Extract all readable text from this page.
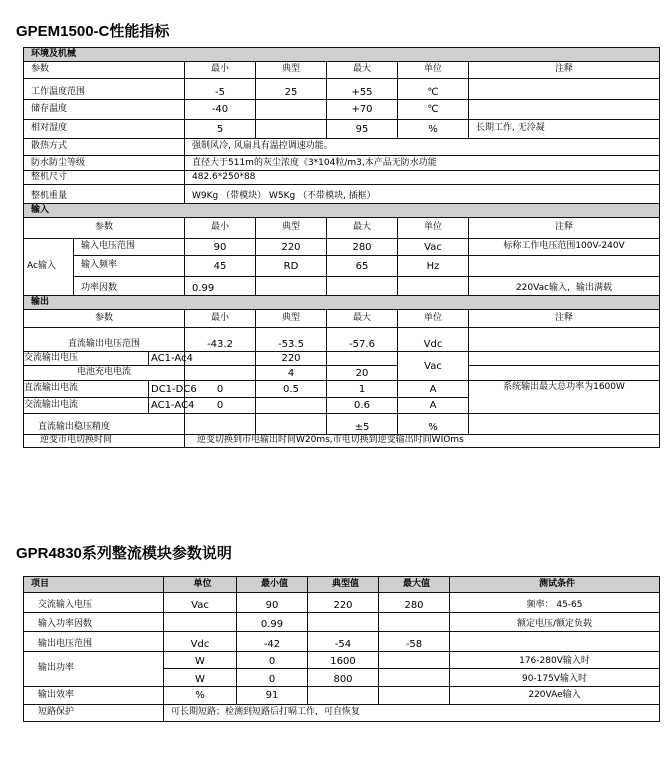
GPEM1500-C性能指标
环境及机械							
参数			最小	典型	最大	单位	注释
工作温度范围			-5	25	+55	℃	
储存温度			-40		+70	℃	
相对湿度			5		95	%	长期工作, 无冷凝
散热方式			强制风冷, 风扇具有温控调速功能。				
防水防尘等级			直径大于511m的灰尘浓度《3*104粒/m3,本产品无防水功能				
整机尺寸			482.6*250*88				
整机重量			W9Kg （带模块） W5Kg （不带模块, 插框）				
输入							
参数			最小	典型	最大	单位	注释
Ac输入	输入电压范围		90	220	280	Vac	标称工作电压范围100V-240V
	输入频率		45	RD	65	Hz	
	功率因数		0.99				220Vac输入，输出满载
输出							
参数			最小	典型	最大	单位	注释
直流输出电压范围			-43.2	-53.5	-57.6	Vdc	
交流输出电压		AC1-Ac4		220		Vac	
电池充电电流				4	20		
直流输出电流		DC1-DC6	0	0.5	1	A	系统输出最大总功率为1600W
交流输出电流		AC1-AC4	0		0.6	A	
直流输出稳压精度					±5	%	
逆变市电切换时间			逆变切换到市电输出时间W20ms,市电切换到逆变输出时间WIOms				
GPR4830系列整流模块参数说明
项目	单位	最小值	典型值	最大值	测试条件
交流输入电压	Vac	90	220	280	频率： 45-65
输入功率因数		0.99			额定电压/额定负载
输出电压范围	Vdc	-42	-54	-58	
输出功率	W	0	1600		176-280V输入时
	W	0	800		90-175V输入时
输出效率	%	91			220VAe输入
短路保护	可长期短路；检测到短路后打嗝工作，可自恢复				
